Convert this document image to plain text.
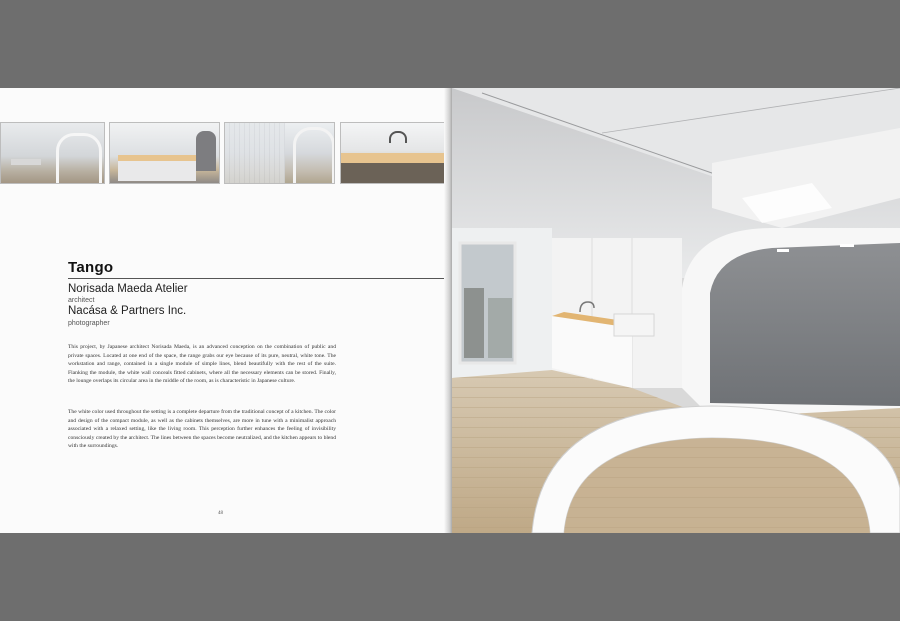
Tango
Norisada Maeda Atelier
architect
Nacása & Partners Inc.
photographer

This project, by Japanese architect Norisada Maeda, is an advanced conception on the combination of public and private spaces. Located at one end of the space, the range grabs our eye because of its pure, neutral, white tone. The workstation and range, contained in a single module of simple lines, blend beautifully with the rest of the suite. Flanking the module, the white wall conceals fitted cabinets, where all the necessary elements can be stored. Finally, the lounge overlaps its circular area in the middle of the room, as is characteristic in Japanese culture.

The white color used throughout the setting is a complete departure from the traditional concept of a kitchen. The color and design of the compact module, as well as the cabinets themselves, are more in tune with a minimalist approach associated with a relaxed setting, like the living room. This perception further enhances the feeling of invisibility consciously created by the architect. The lines between the spaces become neutralized, and the kitchen appears to blend with the surroundings.

48
